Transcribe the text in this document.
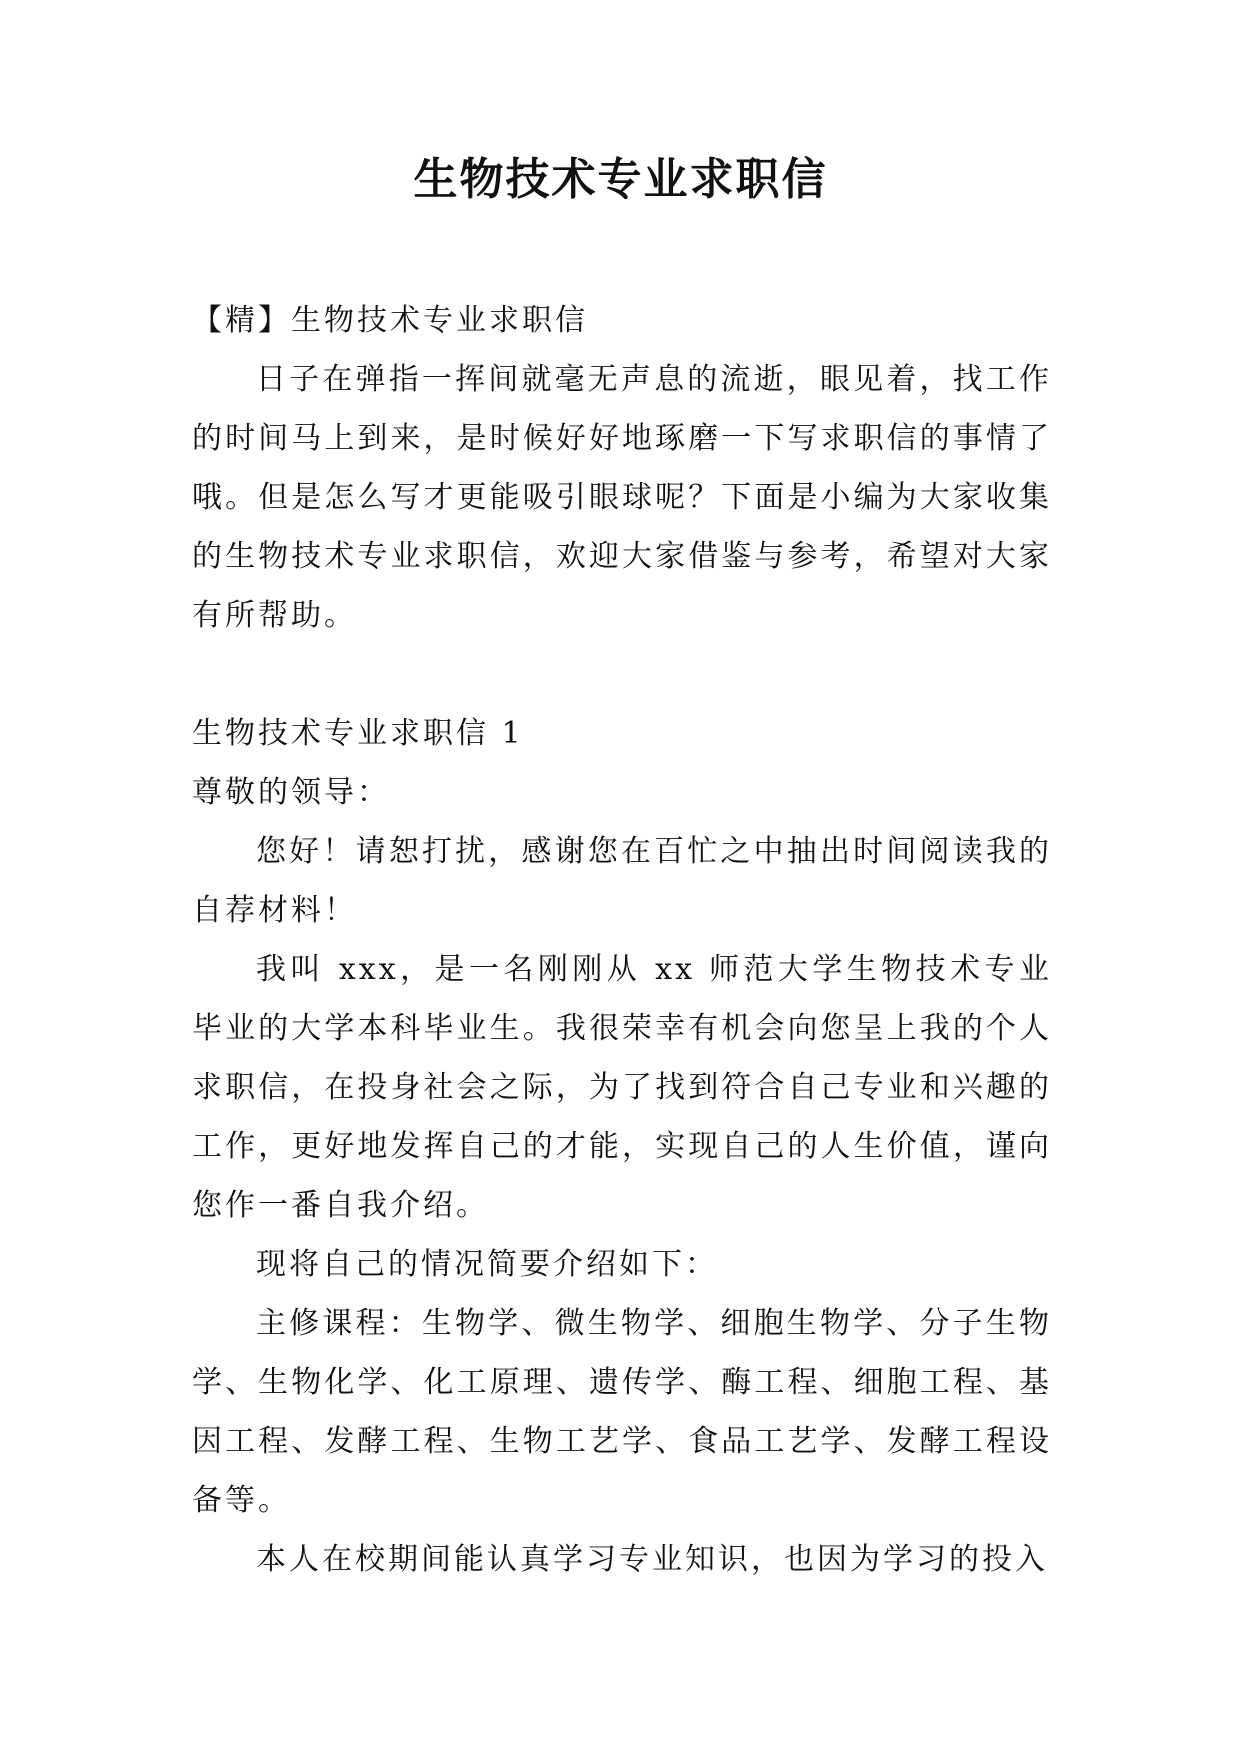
生物技术专业求职信

【精】生物技术专业求职信

日子在弹指一挥间就毫无声息的流逝，眼见着，找工作的时间马上到来，是时候好好地琢磨一下写求职信的事情了哦。但是怎么写才更能吸引眼球呢？下面是小编为大家收集的生物技术专业求职信，欢迎大家借鉴与参考，希望对大家有所帮助。

生物技术专业求职信 1

尊敬的领导：

您好！请恕打扰，感谢您在百忙之中抽出时间阅读我的自荐材料！

我叫 xxx，是一名刚刚从 xx 师范大学生物技术专业毕业的大学本科毕业生。我很荣幸有机会向您呈上我的个人求职信，在投身社会之际，为了找到符合自己专业和兴趣的工作，更好地发挥自己的才能，实现自己的人生价值，谨向您作一番自我介绍。

现将自己的情况简要介绍如下：

主修课程：生物学、微生物学、细胞生物学、分子生物学、生物化学、化工原理、遗传学、酶工程、细胞工程、基因工程、发酵工程、生物工艺学、食品工艺学、发酵工程设备等。

本人在校期间能认真学习专业知识，也因为学习的投入
